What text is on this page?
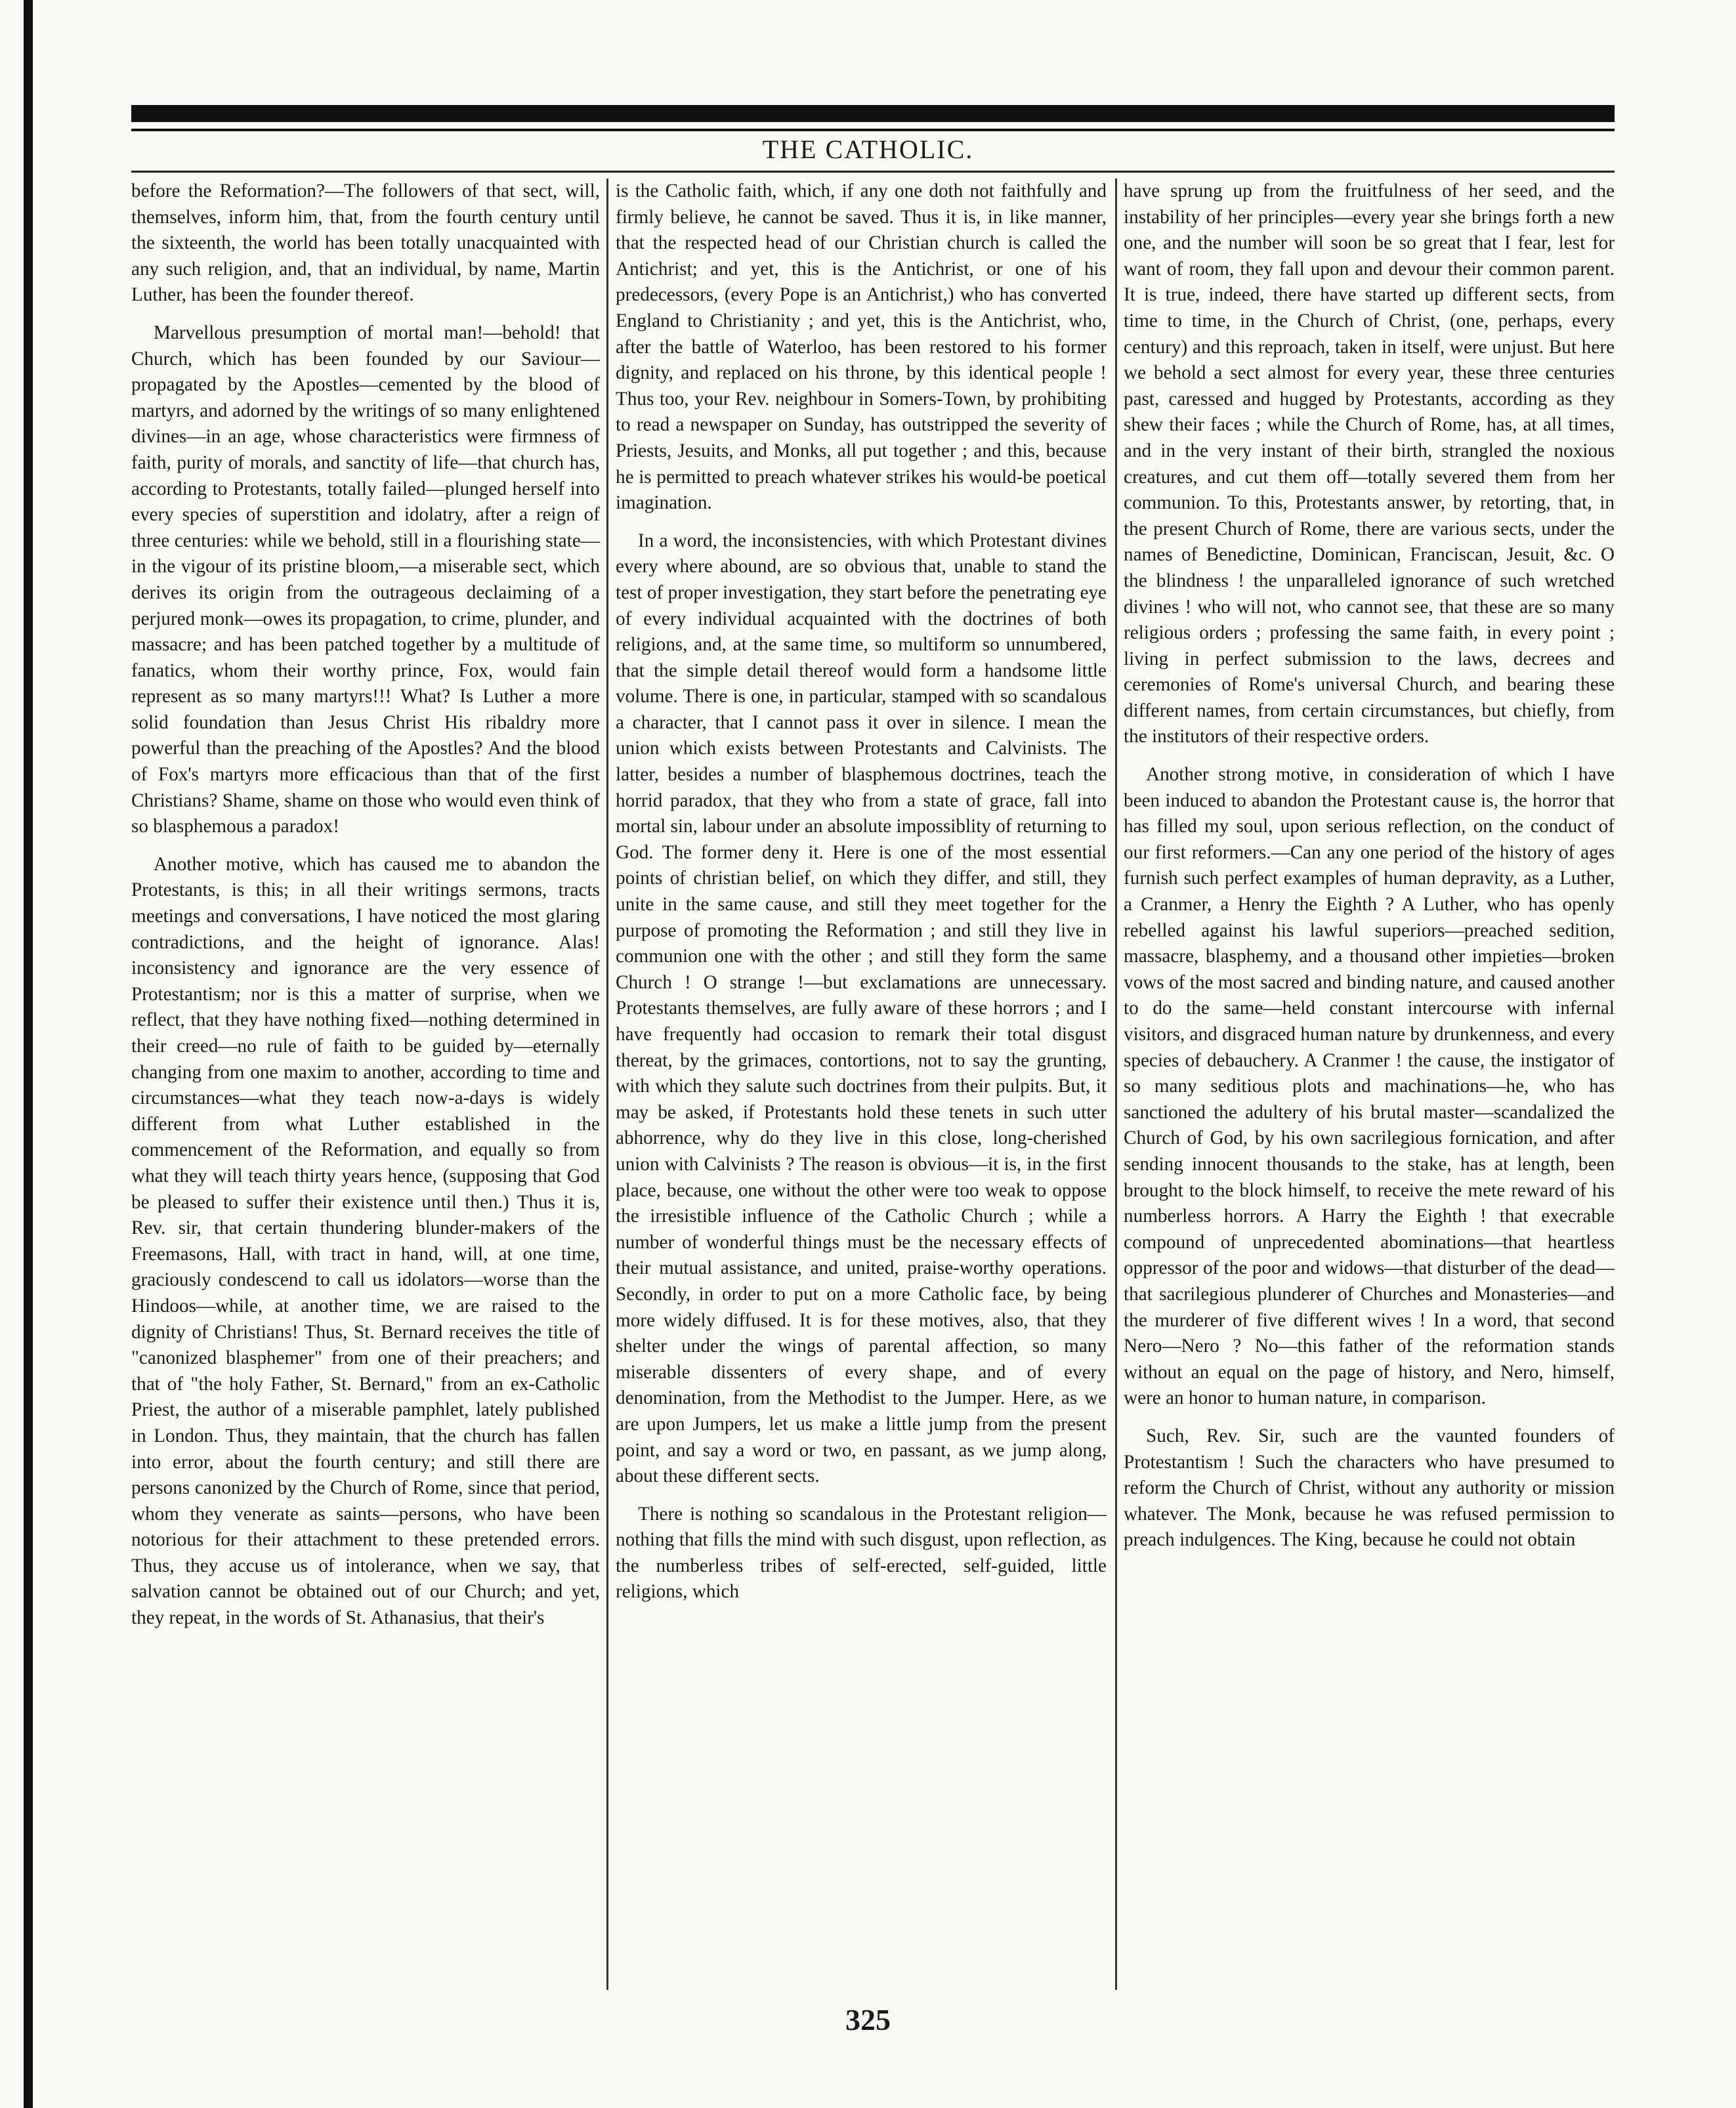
THE CATHOLIC.

before the Reformation?—The followers of that sect, will, themselves, inform him, that, from the fourth century until the sixteenth, the world has been totally unacquainted with any such religion, and, that an individual, by name, Martin Luther, has been the founder thereof.

Marvellous presumption of mortal man!—behold! that Church, which has been founded by our Saviour—propagated by the Apostles—cemented by the blood of martyrs, and adorned by the writings of so many enlightened divines—in an age, whose characteristics were firmness of faith, purity of morals, and sanctity of life—that church has, according to Protestants, totally failed—plunged herself into every species of superstition and idolatry, after a reign of three centuries: while we behold, still in a flourishing state—in the vigour of its pristine bloom,—a miserable sect, which derives its origin from the outrageous declaiming of a perjured monk—owes its propagation, to crime, plunder, and massacre; and has been patched together by a multitude of fanatics, whom their worthy prince, Fox, would fain represent as so many martyrs!!! What? Is Luther a more solid foundation than Jesus Christ His ribaldry more powerful than the preaching of the Apostles? And the blood of Fox's martyrs more efficacious than that of the first Christians? Shame, shame on those who would even think of so blasphemous a paradox!

Another motive, which has caused me to abandon the Protestants, is this; in all their writings sermons, tracts meetings and conversations, I have noticed the most glaring contradictions, and the height of ignorance. Alas! inconsistency and ignorance are the very essence of Protestantism; nor is this a matter of surprise, when we reflect, that they have nothing fixed—nothing determined in their creed—no rule of faith to be guided by—eternally changing from one maxim to another, according to time and circumstances—what they teach now-a-days is widely different from what Luther established in the commencement of the Reformation, and equally so from what they will teach thirty years hence, (supposing that God be pleased to suffer their existence until then.) Thus it is, Rev. sir, that certain thundering blunder-makers of the Freemasons, Hall, with tract in hand, will, at one time, graciously condescend to call us idolators—worse than the Hindoos—while, at another time, we are raised to the dignity of Christians! Thus, St. Bernard receives the title of "canonized blasphemer" from one of their preachers; and that of "the holy Father, St. Bernard," from an ex-Catholic Priest, the author of a miserable pamphlet, lately published in London. Thus, they maintain, that the church has fallen into error, about the fourth century; and still there are persons canonized by the Church of Rome, since that period, whom they venerate as saints—persons, who have been notorious for their attachment to these pretended errors. Thus, they accuse us of intolerance, when we say, that salvation cannot be obtained out of our Church; and yet, they repeat, in the words of St. Athanasius, that their's

is the Catholic faith, which, if any one doth not faithfully and firmly believe, he cannot be saved. Thus it is, in like manner, that the respected head of our Christian church is called the Antichrist; and yet, this is the Antichrist, or one of his predecessors, (every Pope is an Antichrist,) who has converted England to Christianity ; and yet, this is the Antichrist, who, after the battle of Waterloo, has been restored to his former dignity, and replaced on his throne, by this identical people ! Thus too, your Rev. neighbour in Somers-Town, by prohibiting to read a newspaper on Sunday, has outstripped the severity of Priests, Jesuits, and Monks, all put together ; and this, because he is permitted to preach whatever strikes his would-be poetical imagination.

In a word, the inconsistencies, with which Protestant divines every where abound, are so obvious that, unable to stand the test of proper investigation, they start before the penetrating eye of every individual acquainted with the doctrines of both religions, and, at the same time, so multiform so unnumbered, that the simple detail thereof would form a handsome little volume. There is one, in particular, stamped with so scandalous a character, that I cannot pass it over in silence. I mean the union which exists between Protestants and Calvinists. The latter, besides a number of blasphemous doctrines, teach the horrid paradox, that they who from a state of grace, fall into mortal sin, labour under an absolute impossiblity of returning to God. The former deny it. Here is one of the most essential points of christian belief, on which they differ, and still, they unite in the same cause, and still they meet together for the purpose of promoting the Reformation ; and still they live in communion one with the other ; and still they form the same Church ! O strange !—but exclamations are unnecessary. Protestants themselves, are fully aware of these horrors ; and I have frequently had occasion to remark their total disgust thereat, by the grimaces, contortions, not to say the grunting, with which they salute such doctrines from their pulpits. But, it may be asked, if Protestants hold these tenets in such utter abhorrence, why do they live in this close, long-cherished union with Calvinists ? The reason is obvious—it is, in the first place, because, one without the other were too weak to oppose the irresistible influence of the Catholic Church ; while a number of wonderful things must be the necessary effects of their mutual assistance, and united, praise-worthy operations. Secondly, in order to put on a more Catholic face, by being more widely diffused. It is for these motives, also, that they shelter under the wings of parental affection, so many miserable dissenters of every shape, and of every denomination, from the Methodist to the Jumper. Here, as we are upon Jumpers, let us make a little jump from the present point, and say a word or two, en passant, as we jump along, about these different sects.

There is nothing so scandalous in the Protestant religion—nothing that fills the mind with such disgust, upon reflection, as the numberless tribes of self-erected, self-guided, little religions, which

have sprung up from the fruitfulness of her seed, and the instability of her principles—every year she brings forth a new one, and the number will soon be so great that I fear, lest for want of room, they fall upon and devour their common parent. It is true, indeed, there have started up different sects, from time to time, in the Church of Christ, (one, perhaps, every century) and this reproach, taken in itself, were unjust. But here we behold a sect almost for every year, these three centuries past, caressed and hugged by Protestants, according as they shew their faces ; while the Church of Rome, has, at all times, and in the very instant of their birth, strangled the noxious creatures, and cut them off—totally severed them from her communion. To this, Protestants answer, by retorting, that, in the present Church of Rome, there are various sects, under the names of Benedictine, Dominican, Franciscan, Jesuit, &c. O the blindness ! the unparalleled ignorance of such wretched divines ! who will not, who cannot see, that these are so many religious orders ; professing the same faith, in every point ; living in perfect submission to the laws, decrees and ceremonies of Rome's universal Church, and bearing these different names, from certain circumstances, but chiefly, from the institutors of their respective orders.

Another strong motive, in consideration of which I have been induced to abandon the Protestant cause is, the horror that has filled my soul, upon serious reflection, on the conduct of our first reformers.—Can any one period of the history of ages furnish such perfect examples of human depravity, as a Luther, a Cranmer, a Henry the Eighth ? A Luther, who has openly rebelled against his lawful superiors—preached sedition, massacre, blasphemy, and a thousand other impieties—broken vows of the most sacred and binding nature, and caused another to do the same—held constant intercourse with infernal visitors, and disgraced human nature by drunkenness, and every species of debauchery. A Cranmer ! the cause, the instigator of so many seditious plots and machinations—he, who has sanctioned the adultery of his brutal master—scandalized the Church of God, by his own sacrilegious fornication, and after sending innocent thousands to the stake, has at length, been brought to the block himself, to receive the mete reward of his numberless horrors. A Harry the Eighth ! that execrable compound of unprecedented abominations—that heartless oppressor of the poor and widows—that disturber of the dead—that sacrilegious plunderer of Churches and Monasteries—and the murderer of five different wives ! In a word, that second Nero—Nero ? No—this father of the reformation stands without an equal on the page of history, and Nero, himself, were an honor to human nature, in comparison.

Such, Rev. Sir, such are the vaunted founders of Protestantism ! Such the characters who have presumed to reform the Church of Christ, without any authority or mission whatever. The Monk, because he was refused permission to preach indulgences. The King, because he could not obtain

325
